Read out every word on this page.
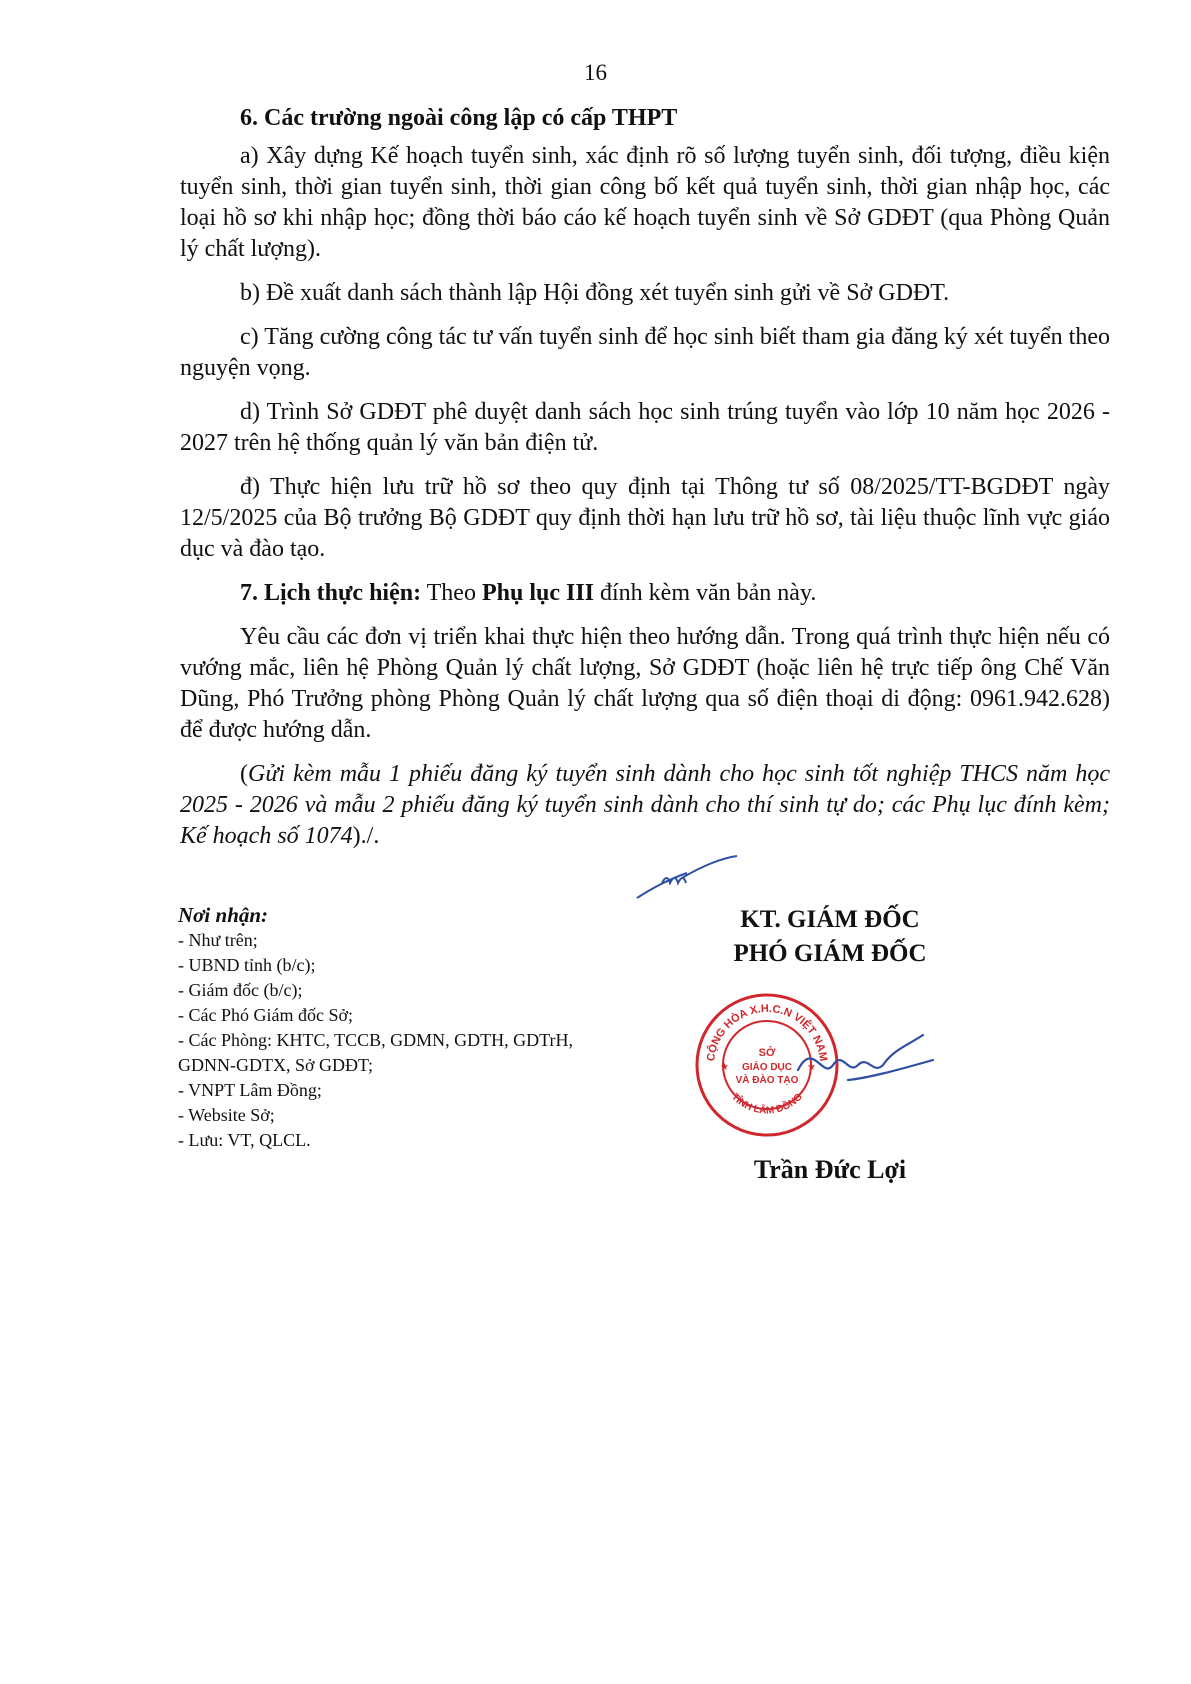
16
6. Các trường ngoài công lập có cấp THPT

a) Xây dựng Kế hoạch tuyển sinh, xác định rõ số lượng tuyển sinh, đối tượng, điều kiện tuyển sinh, thời gian tuyển sinh, thời gian công bố kết quả tuyển sinh, thời gian nhập học, các loại hồ sơ khi nhập học; đồng thời báo cáo kế hoạch tuyển sinh về Sở GDĐT (qua Phòng Quản lý chất lượng).

b) Đề xuất danh sách thành lập Hội đồng xét tuyển sinh gửi về Sở GDĐT.

c) Tăng cường công tác tư vấn tuyển sinh để học sinh biết tham gia đăng ký xét tuyển theo nguyện vọng.

d) Trình Sở GDĐT phê duyệt danh sách học sinh trúng tuyển vào lớp 10 năm học 2026 - 2027 trên hệ thống quản lý văn bản điện tử.

đ) Thực hiện lưu trữ hồ sơ theo quy định tại Thông tư số 08/2025/TT-BGDĐT ngày 12/5/2025 của Bộ trưởng Bộ GDĐT quy định thời hạn lưu trữ hồ sơ, tài liệu thuộc lĩnh vực giáo dục và đào tạo.

7. Lịch thực hiện: Theo Phụ lục III đính kèm văn bản này.

Yêu cầu các đơn vị triển khai thực hiện theo hướng dẫn. Trong quá trình thực hiện nếu có vướng mắc, liên hệ Phòng Quản lý chất lượng, Sở GDĐT (hoặc liên hệ trực tiếp ông Chế Văn Dũng, Phó Trưởng phòng Phòng Quản lý chất lượng qua số điện thoại di động: 0961.942.628) để được hướng dẫn.

(Gửi kèm mẫu 1 phiếu đăng ký tuyển sinh dành cho học sinh tốt nghiệp THCS năm học 2025 - 2026 và mẫu 2 phiếu đăng ký tuyển sinh dành cho thí sinh tự do; các Phụ lục đính kèm; Kế hoạch số 1074)./.

Nơi nhận:
- Như trên;
- UBND tỉnh (b/c);
- Giám đốc (b/c);
- Các Phó Giám đốc Sở;
- Các Phòng: KHTC, TCCB, GDMN, GDTH, GDTrH, GDNN-GDTX, Sở GDĐT;
- VNPT Lâm Đồng;
- Website Sở;
- Lưu: VT, QLCL.
KT. GIÁM ĐỐC
PHÓ GIÁM ĐỐC
CỘNG HÒA X.H.C.N VIỆT NAM
TỈNH LÂM ĐỒNG
SỞ
GIÁO DỤC
VÀ ĐÀO TẠO
★	★
Trần Đức Lợi
